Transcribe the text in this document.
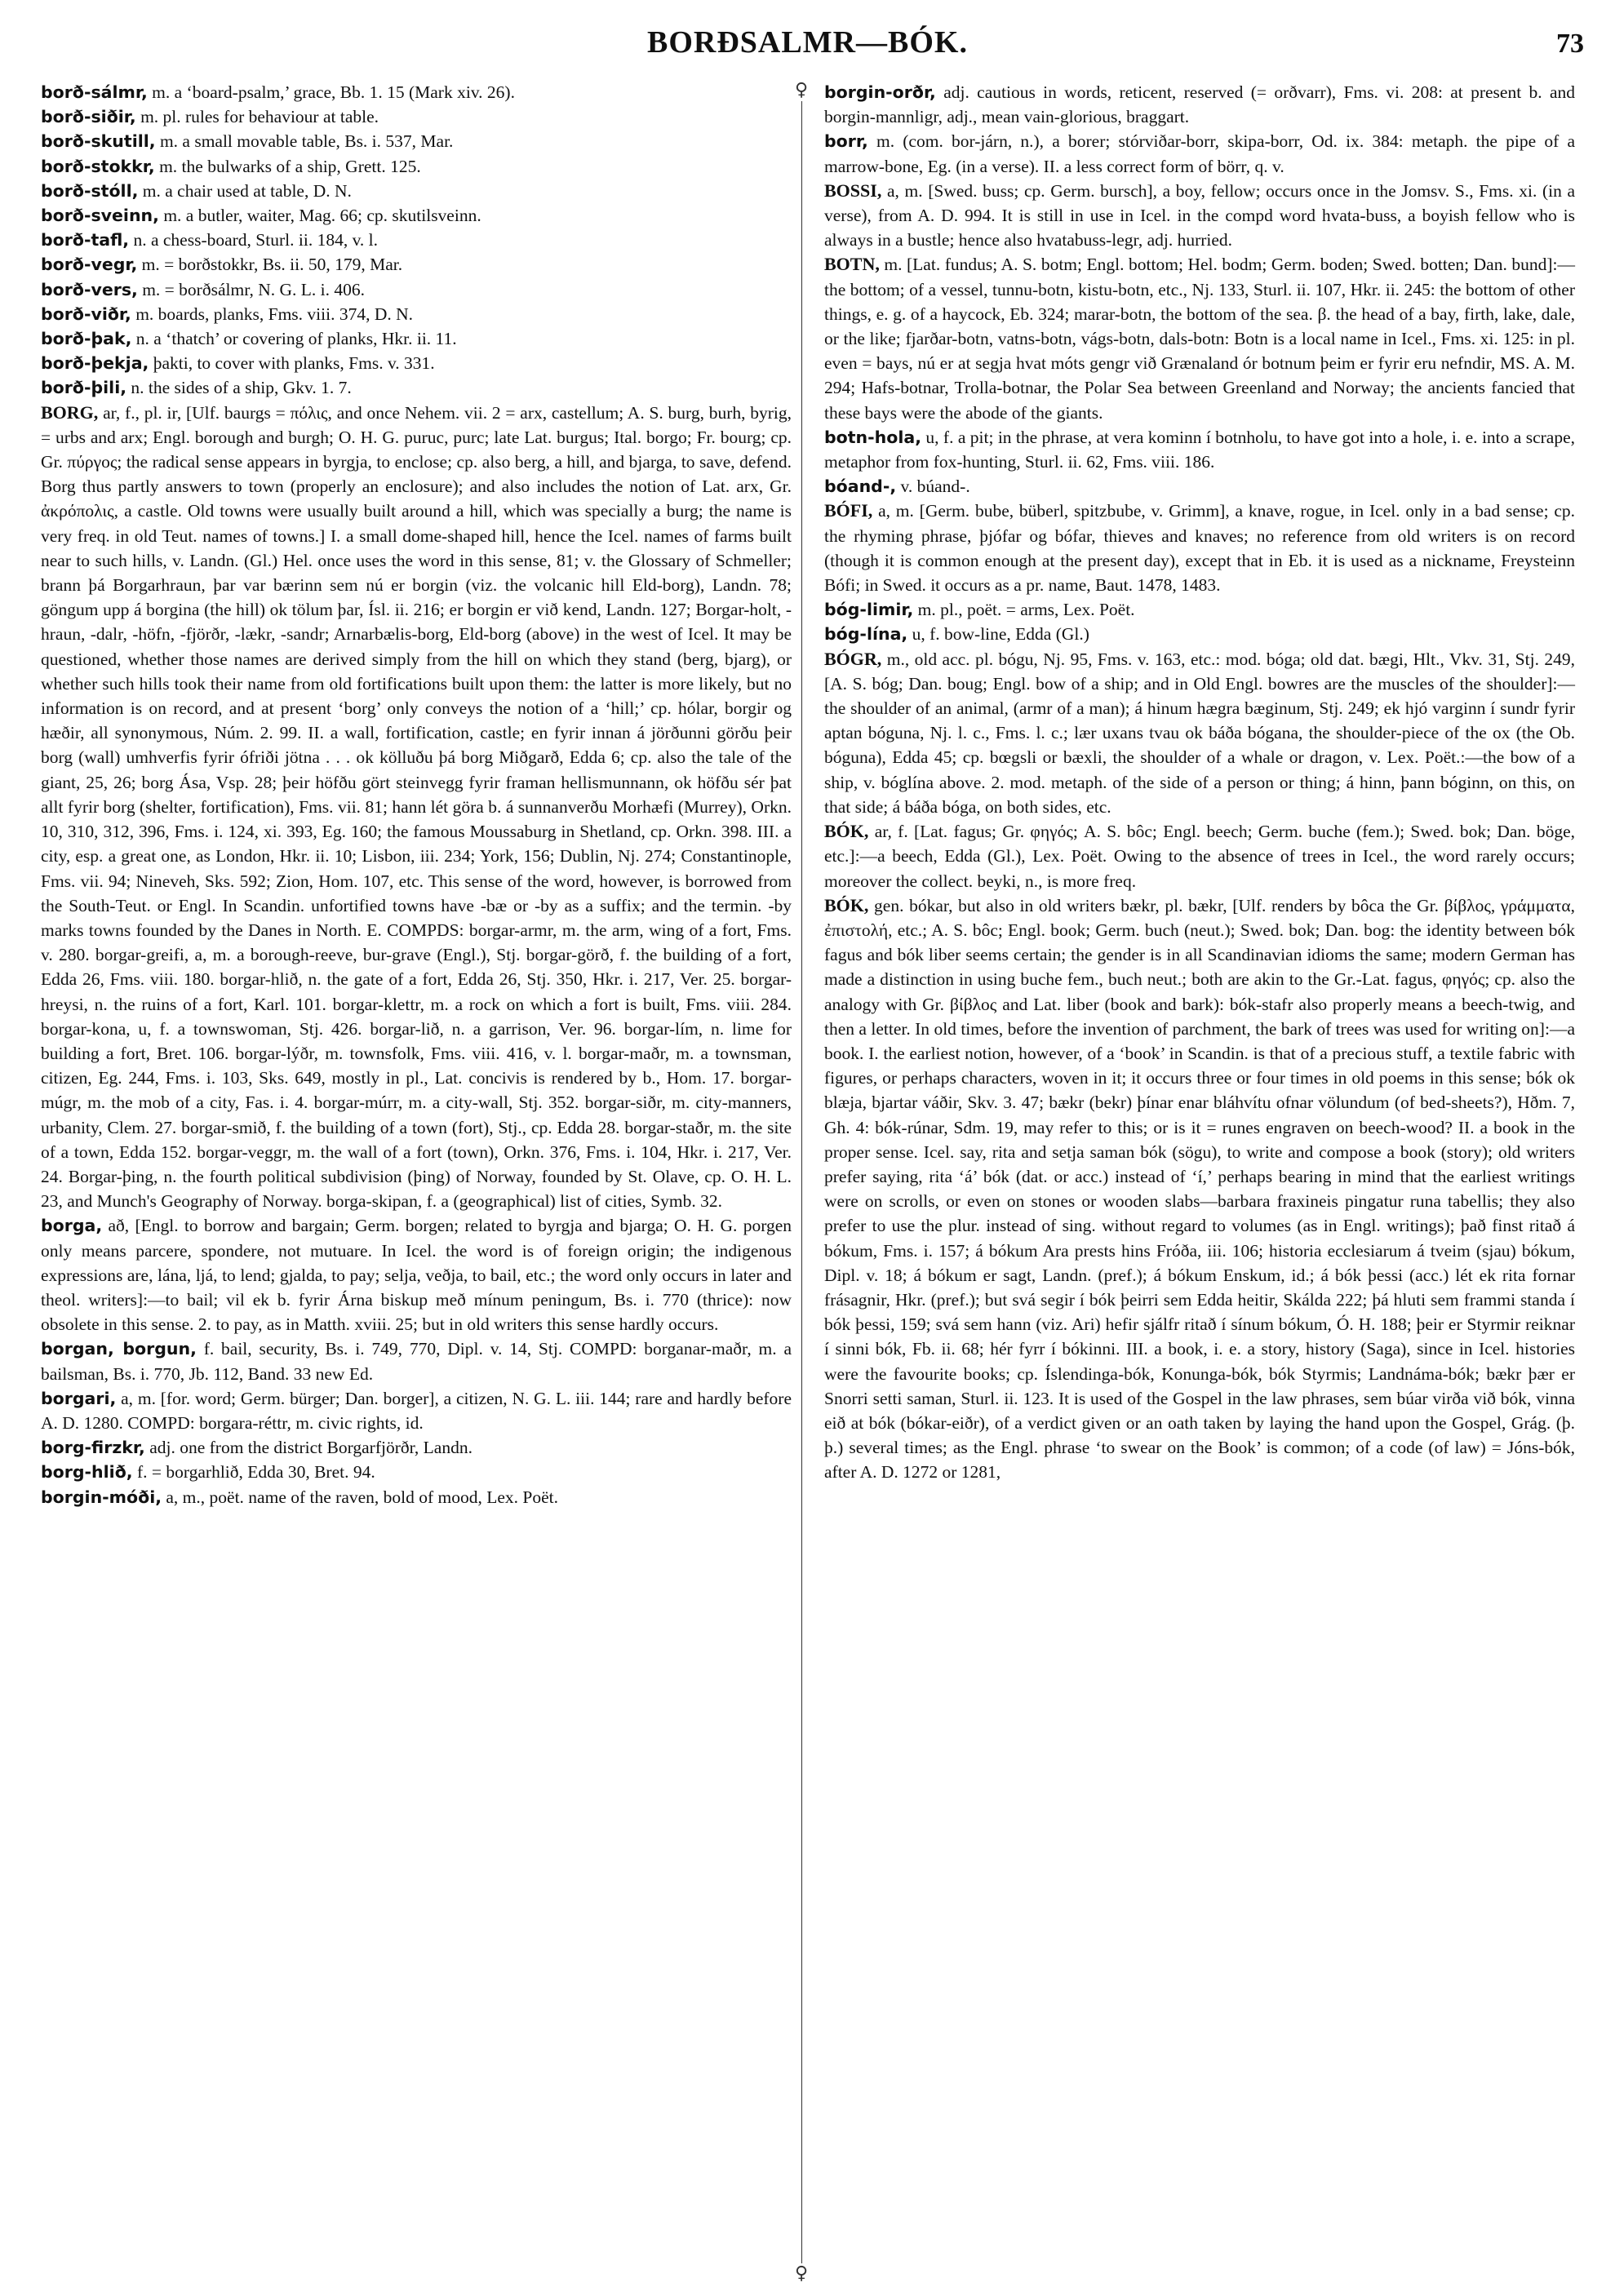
BORÐSALMR—BÓK.	73
♀
♀

borð-sálmr, m. a ‘board-psalm,’ grace, Bb. 1. 15 (Mark xiv. 26).

borð-siðir, m. pl. rules for behaviour at table.

borð-skutill, m. a small movable table, Bs. i. 537, Mar.

borð-stokkr, m. the bulwarks of a ship, Grett. 125.

borð-stóll, m. a chair used at table, D. N.

borð-sveinn, m. a butler, waiter, Mag. 66; cp. skutilsveinn.

borð-tafl, n. a chess-board, Sturl. ii. 184, v. l.

borð-vegr, m. = borðstokkr, Bs. ii. 50, 179, Mar.

borð-vers, m. = borðsálmr, N. G. L. i. 406.

borð-viðr, m. boards, planks, Fms. viii. 374, D. N.

borð-þak, n. a ‘thatch’ or covering of planks, Hkr. ii. 11.

borð-þekja, þakti, to cover with planks, Fms. v. 331.

borð-þili, n. the sides of a ship, Gkv. 1. 7.

BORG, ar, f., pl. ir, [Ulf. baurgs = πόλις, and once Nehem. vii. 2 = arx, castellum; A. S. burg, burh, byrig, = urbs and arx; Engl. borough and burgh; O. H. G. puruc, purc; late Lat. burgus; Ital. borgo; Fr. bourg; cp. Gr. πύργος; the radical sense appears in byrgja, to enclose; cp. also berg, a hill, and bjarga, to save, defend. Borg thus partly answers to town (properly an enclosure); and also includes the notion of Lat. arx, Gr. ἀκρόπολις, a castle. Old towns were usually built around a hill, which was specially a burg; the name is very freq. in old Teut. names of towns.] I. a small dome-shaped hill, hence the Icel. names of farms built near to such hills, v. Landn. (Gl.) Hel. once uses the word in this sense, 81; v. the Glossary of Schmeller; brann þá Borgarhraun, þar var bærinn sem nú er borgin (viz. the volcanic hill Eld-borg), Landn. 78; göngum upp á borgina (the hill) ok tölum þar, Ísl. ii. 216; er borgin er við kend, Landn. 127; Borgar-holt, -hraun, -dalr, -höfn, -fjörðr, -lækr, -sandr; Arnarbælis-borg, Eld-borg (above) in the west of Icel. It may be questioned, whether those names are derived simply from the hill on which they stand (berg, bjarg), or whether such hills took their name from old fortifications built upon them: the latter is more likely, but no information is on record, and at present ‘borg’ only conveys the notion of a ‘hill;’ cp. hólar, borgir og hæðir, all synonymous, Núm. 2. 99. II. a wall, fortification, castle; en fyrir innan á jörðunni görðu þeir borg (wall) umhverfis fyrir ófriði jötna . . . ok kölluðu þá borg Miðgarð, Edda 6; cp. also the tale of the giant, 25, 26; borg Ása, Vsp. 28; þeir höfðu gört steinvegg fyrir framan hellismunnann, ok höfðu sér þat allt fyrir borg (shelter, fortification), Fms. vii. 81; hann lét göra b. á sunnanverðu Morhæfi (Murrey), Orkn. 10, 310, 312, 396, Fms. i. 124, xi. 393, Eg. 160; the famous Moussaburg in Shetland, cp. Orkn. 398. III. a city, esp. a great one, as London, Hkr. ii. 10; Lisbon, iii. 234; York, 156; Dublin, Nj. 274; Constantinople, Fms. vii. 94; Nineveh, Sks. 592; Zion, Hom. 107, etc. This sense of the word, however, is borrowed from the South-Teut. or Engl. In Scandin. unfortified towns have -bæ or -by as a suffix; and the termin. -by marks towns founded by the Danes in North. E. COMPDS: borgar-armr, m. the arm, wing of a fort, Fms. v. 280. borgar-greifi, a, m. a borough-reeve, bur-grave (Engl.), Stj. borgar-görð, f. the building of a fort, Edda 26, Fms. viii. 180. borgar-hlið, n. the gate of a fort, Edda 26, Stj. 350, Hkr. i. 217, Ver. 25. borgar-hreysi, n. the ruins of a fort, Karl. 101. borgar-klettr, m. a rock on which a fort is built, Fms. viii. 284. borgar-kona, u, f. a townswoman, Stj. 426. borgar-lið, n. a garrison, Ver. 96. borgar-lím, n. lime for building a fort, Bret. 106. borgar-lýðr, m. townsfolk, Fms. viii. 416, v. l. borgar-maðr, m. a townsman, citizen, Eg. 244, Fms. i. 103, Sks. 649, mostly in pl., Lat. concivis is rendered by b., Hom. 17. borgar-múgr, m. the mob of a city, Fas. i. 4. borgar-múrr, m. a city-wall, Stj. 352. borgar-siðr, m. city-manners, urbanity, Clem. 27. borgar-smið, f. the building of a town (fort), Stj., cp. Edda 28. borgar-staðr, m. the site of a town, Edda 152. borgar-veggr, m. the wall of a fort (town), Orkn. 376, Fms. i. 104, Hkr. i. 217, Ver. 24. Borgar-þing, n. the fourth political subdivision (þing) of Norway, founded by St. Olave, cp. O. H. L. 23, and Munch's Geography of Norway. borga-skipan, f. a (geographical) list of cities, Symb. 32.

borga, að, [Engl. to borrow and bargain; Germ. borgen; related to byrgja and bjarga; O. H. G. porgen only means parcere, spondere, not mutuare. In Icel. the word is of foreign origin; the indigenous expressions are, lána, ljá, to lend; gjalda, to pay; selja, veðja, to bail, etc.; the word only occurs in later and theol. writers]:—to bail; vil ek b. fyrir Árna biskup með mínum peningum, Bs. i. 770 (thrice): now obsolete in this sense. 2. to pay, as in Matth. xviii. 25; but in old writers this sense hardly occurs.

borgan, borgun, f. bail, security, Bs. i. 749, 770, Dipl. v. 14, Stj. COMPD: borganar-maðr, m. a bailsman, Bs. i. 770, Jb. 112, Band. 33 new Ed.

borgari, a, m. [for. word; Germ. bürger; Dan. borger], a citizen, N. G. L. iii. 144; rare and hardly before A. D. 1280. COMPD: borgara-réttr, m. civic rights, id.

borg-firzkr, adj. one from the district Borgarfjörðr, Landn.

borg-hlið, f. = borgarhlið, Edda 30, Bret. 94.

borgin-móði, a, m., poët. name of the raven, bold of mood, Lex. Poët.

borgin-orðr, adj. cautious in words, reticent, reserved (= orðvarr), Fms. vi. 208: at present b. and borgin-mannligr, adj., mean vain-glorious, braggart.

borr, m. (com. bor-járn, n.), a borer; stórviðar-borr, skipa-borr, Od. ix. 384: metaph. the pipe of a marrow-bone, Eg. (in a verse). II. a less correct form of börr, q. v.

BOSSI, a, m. [Swed. buss; cp. Germ. bursch], a boy, fellow; occurs once in the Jomsv. S., Fms. xi. (in a verse), from A. D. 994. It is still in use in Icel. in the compd word hvata-buss, a boyish fellow who is always in a bustle; hence also hvatabuss-legr, adj. hurried.

BOTN, m. [Lat. fundus; A. S. botm; Engl. bottom; Hel. bodm; Germ. boden; Swed. botten; Dan. bund]:—the bottom; of a vessel, tunnu-botn, kistu-botn, etc., Nj. 133, Sturl. ii. 107, Hkr. ii. 245: the bottom of other things, e. g. of a haycock, Eb. 324; marar-botn, the bottom of the sea. β. the head of a bay, firth, lake, dale, or the like; fjarðar-botn, vatns-botn, vágs-botn, dals-botn: Botn is a local name in Icel., Fms. xi. 125: in pl. even = bays, nú er at segja hvat móts gengr við Grænaland ór botnum þeim er fyrir eru nefndir, MS. A. M. 294; Hafs-botnar, Trolla-botnar, the Polar Sea between Greenland and Norway; the ancients fancied that these bays were the abode of the giants.

botn-hola, u, f. a pit; in the phrase, at vera kominn í botnholu, to have got into a hole, i. e. into a scrape, metaphor from fox-hunting, Sturl. ii. 62, Fms. viii. 186.

bóand-, v. búand-.

BÓFI, a, m. [Germ. bube, büberl, spitzbube, v. Grimm], a knave, rogue, in Icel. only in a bad sense; cp. the rhyming phrase, þjófar og bófar, thieves and knaves; no reference from old writers is on record (though it is common enough at the present day), except that in Eb. it is used as a nickname, Freysteinn Bófi; in Swed. it occurs as a pr. name, Baut. 1478, 1483.

bóg-limir, m. pl., poët. = arms, Lex. Poët.

bóg-lína, u, f. bow-line, Edda (Gl.)

BÓGR, m., old acc. pl. bógu, Nj. 95, Fms. v. 163, etc.: mod. bóga; old dat. bægi, Hlt., Vkv. 31, Stj. 249, [A. S. bóg; Dan. boug; Engl. bow of a ship; and in Old Engl. bowres are the muscles of the shoulder]:—the shoulder of an animal, (armr of a man); á hinum hægra bæginum, Stj. 249; ek hjó varginn í sundr fyrir aptan bóguna, Nj. l. c., Fms. l. c.; lær uxans tvau ok báða bógana, the shoulder-piece of the ox (the Ob. bóguna), Edda 45; cp. bœgsli or bæxli, the shoulder of a whale or dragon, v. Lex. Poët.:—the bow of a ship, v. bóglína above. 2. mod. metaph. of the side of a person or thing; á hinn, þann bóginn, on this, on that side; á báða bóga, on both sides, etc.

BÓK, ar, f. [Lat. fagus; Gr. φηγός; A. S. bôc; Engl. beech; Germ. buche (fem.); Swed. bok; Dan. böge, etc.]:—a beech, Edda (Gl.), Lex. Poët. Owing to the absence of trees in Icel., the word rarely occurs; moreover the collect. beyki, n., is more freq.

BÓK, gen. bókar, but also in old writers bækr, pl. bækr, [Ulf. renders by bôca the Gr. βίβλος, γράμματα, ἐπιστολή, etc.; A. S. bôc; Engl. book; Germ. buch (neut.); Swed. bok; Dan. bog: the identity between bók fagus and bók liber seems certain; the gender is in all Scandinavian idioms the same; modern German has made a distinction in using buche fem., buch neut.; both are akin to the Gr.-Lat. fagus, φηγός; cp. also the analogy with Gr. βίβλος and Lat. liber (book and bark): bók-stafr also properly means a beech-twig, and then a letter. In old times, before the invention of parchment, the bark of trees was used for writing on]:—a book. I. the earliest notion, however, of a ‘book’ in Scandin. is that of a precious stuff, a textile fabric with figures, or perhaps characters, woven in it; it occurs three or four times in old poems in this sense; bók ok blæja, bjartar váðir, Skv. 3. 47; bækr (bekr) þínar enar bláhvítu ofnar völundum (of bed-sheets?), Hðm. 7, Gh. 4: bók-rúnar, Sdm. 19, may refer to this; or is it = runes engraven on beech-wood? II. a book in the proper sense. Icel. say, rita and setja saman bók (sögu), to write and compose a book (story); old writers prefer saying, rita ‘á’ bók (dat. or acc.) instead of ‘í,’ perhaps bearing in mind that the earliest writings were on scrolls, or even on stones or wooden slabs—barbara fraxineis pingatur runa tabellis; they also prefer to use the plur. instead of sing. without regard to volumes (as in Engl. writings); það finst ritað á bókum, Fms. i. 157; á bókum Ara prests hins Fróða, iii. 106; historia ecclesiarum á tveim (sjau) bókum, Dipl. v. 18; á bókum er sagt, Landn. (pref.); á bókum Enskum, id.; á bók þessi (acc.) lét ek rita fornar frásagnir, Hkr. (pref.); but svá segir í bók þeirri sem Edda heitir, Skálda 222; þá hluti sem frammi standa í bók þessi, 159; svá sem hann (viz. Ari) hefir sjálfr ritað í sínum bókum, Ó. H. 188; þeir er Styrmir reiknar í sinni bók, Fb. ii. 68; hér fyrr í bókinni. III. a book, i. e. a story, history (Saga), since in Icel. histories were the favourite books; cp. Íslendinga-bók, Konunga-bók, bók Styrmis; Landnáma-bók; bækr þær er Snorri setti saman, Sturl. ii. 123. It is used of the Gospel in the law phrases, sem búar virða við bók, vinna eið at bók (bókar-eiðr), of a verdict given or an oath taken by laying the hand upon the Gospel, Grág. (þ. þ.) several times; as the Engl. phrase ‘to swear on the Book’ is common; of a code (of law) = Jóns-bók, after A. D. 1272 or 1281,
